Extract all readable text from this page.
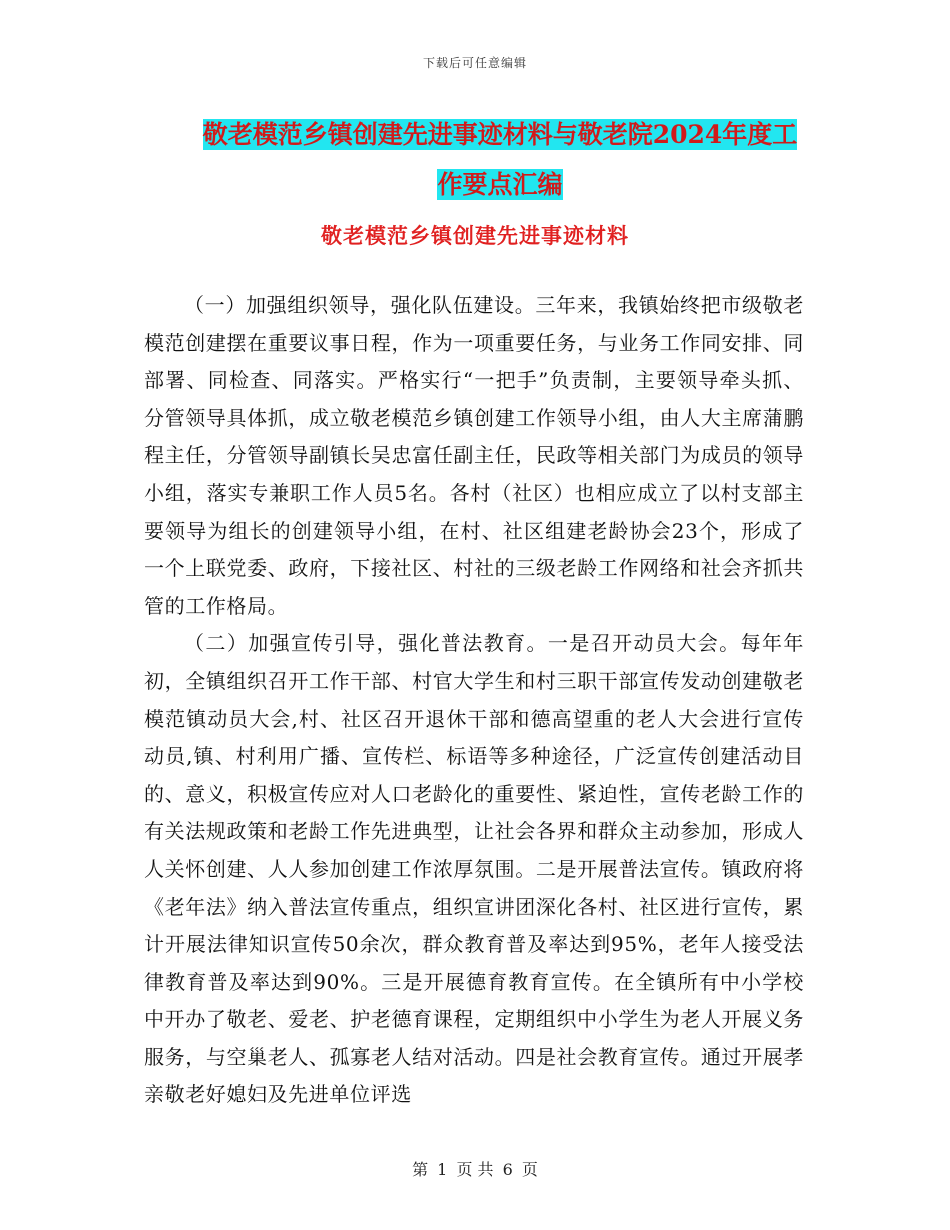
下载后可任意编辑
敬老模范乡镇创建先进事迹材料与敬老院2024年度工
作要点汇编
敬老模范乡镇创建先进事迹材料

（一）加强组织领导，强化队伍建设。三年来，我镇始终把市级敬老模范创建摆在重要议事日程，作为一项重要任务，与业务工作同安排、同部署、同检查、同落实。严格实行“一把手”负责制，主要领导牵头抓、分管领导具体抓，成立敬老模范乡镇创建工作领导小组，由人大主席蒲鹏程主任，分管领导副镇长吴忠富任副主任，民政等相关部门为成员的领导小组，落实专兼职工作人员5名。各村（社区）也相应成立了以村支部主要领导为组长的创建领导小组，在村、社区组建老龄协会23个，形成了一个上联党委、政府，下接社区、村社的三级老龄工作网络和社会齐抓共管的工作格局。

（二）加强宣传引导，强化普法教育。一是召开动员大会。每年年初，全镇组织召开工作干部、村官大学生和村三职干部宣传发动创建敬老模范镇动员大会,村、社区召开退休干部和德高望重的老人大会进行宣传动员,镇、村利用广播、宣传栏、标语等多种途径，广泛宣传创建活动目的、意义，积极宣传应对人口老龄化的重要性、紧迫性，宣传老龄工作的有关法规政策和老龄工作先进典型，让社会各界和群众主动参加，形成人人关怀创建、人人参加创建工作浓厚氛围。二是开展普法宣传。镇政府将《老年法》纳入普法宣传重点，组织宣讲团深化各村、社区进行宣传，累计开展法律知识宣传50余次，群众教育普及率达到95%，老年人接受法律教育普及率达到90%。三是开展德育教育宣传。在全镇所有中小学校中开办了敬老、爱老、护老德育课程，定期组织中小学生为老人开展义务服务，与空巢老人、孤寡老人结对活动。四是社会教育宣传。通过开展孝亲敬老好媳妇及先进单位评选

第 1 页 共 6 页
